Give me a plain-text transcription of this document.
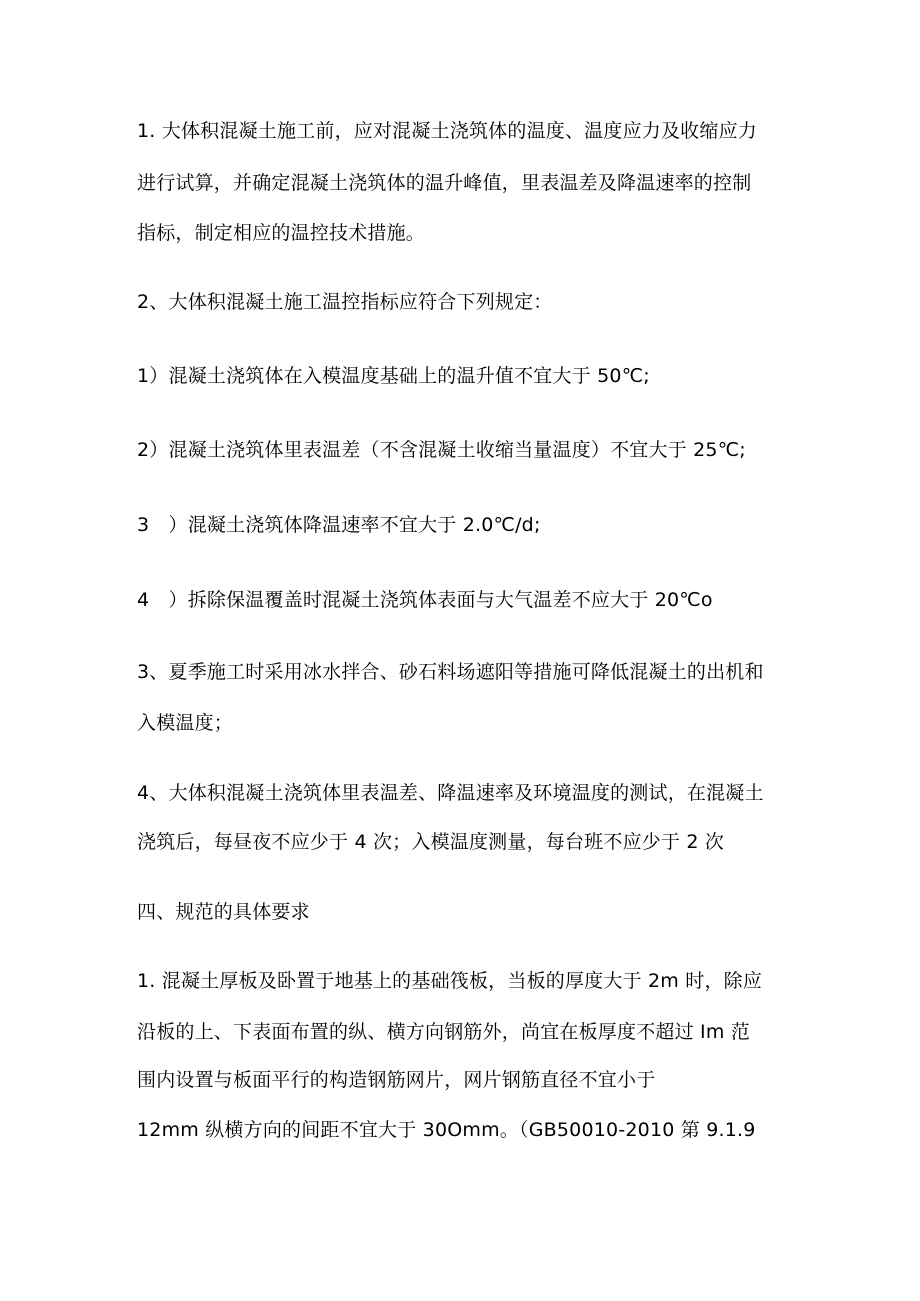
1. 大体积混凝土施工前，应对混凝土浇筑体的温度、温度应力及收缩应力
进行试算，并确定混凝土浇筑体的温升峰值，里表温差及降温速率的控制
指标，制定相应的温控技术措施。
2、大体积混凝土施工温控指标应符合下列规定：
1）混凝土浇筑体在入模温度基础上的温升值不宜大于 50℃;
2）混凝土浇筑体里表温差（不含混凝土收缩当量温度）不宜大于 25℃;
3　）混凝土浇筑体降温速率不宜大于 2.0℃/d;
4　）拆除保温覆盖时混凝土浇筑体表面与大气温差不应大于 20℃o
3、夏季施工时采用冰水拌合、砂石料场遮阳等措施可降低混凝土的出机和
入模温度；
4、大体积混凝土浇筑体里表温差、降温速率及环境温度的测试，在混凝土
浇筑后，每昼夜不应少于 4 次；入模温度测量，每台班不应少于 2 次
四、规范的具体要求
1. 混凝土厚板及卧置于地基上的基础筏板，当板的厚度大于 2m 时，除应
沿板的上、下表面布置的纵、横方向钢筋外，尚宜在板厚度不超过 Im 范
围内设置与板面平行的构造钢筋网片，网片钢筋直径不宜小于
12mm 纵横方向的间距不宜大于 30Omm。（GB50010-2010 第 9.1.9
